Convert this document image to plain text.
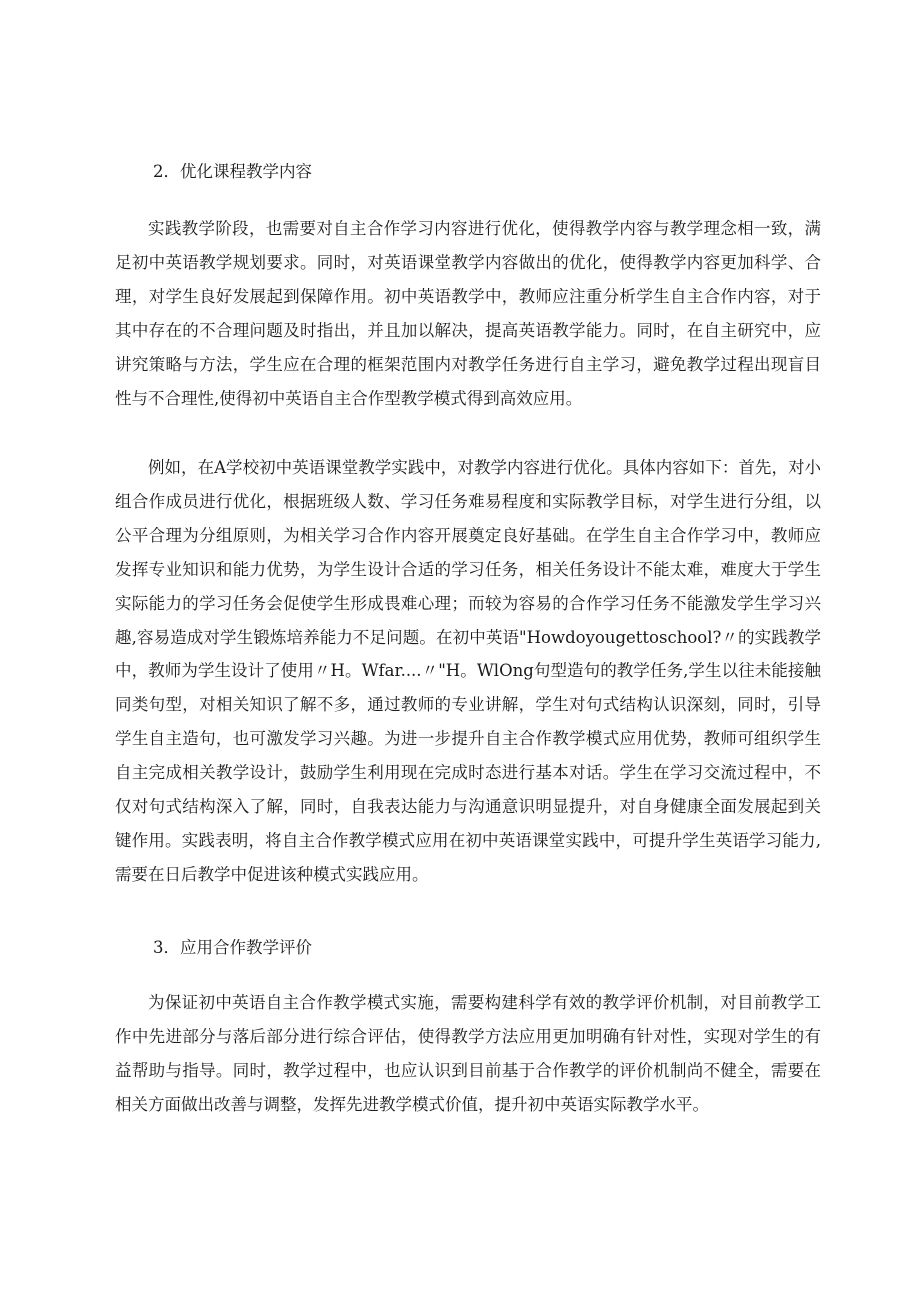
2．优化课程教学内容

实践教学阶段，也需要对自主合作学习内容进行优化，使得教学内容与教学理念相一致，满足初中英语教学规划要求。同时，对英语课堂教学内容做出的优化，使得教学内容更加科学、合理，对学生良好发展起到保障作用。初中英语教学中，教师应注重分析学生自主合作内容，对于其中存在的不合理问题及时指出，并且加以解决，提高英语教学能力。同时，在自主研究中，应讲究策略与方法，学生应在合理的框架范围内对教学任务进行自主学习，避免教学过程出现盲目性与不合理性,使得初中英语自主合作型教学模式得到高效应用。

例如，在A学校初中英语课堂教学实践中，对教学内容进行优化。具体内容如下：首先，对小组合作成员进行优化，根据班级人数、学习任务难易程度和实际教学目标，对学生进行分组，以公平合理为分组原则，为相关学习合作内容开展奠定良好基础。在学生自主合作学习中，教师应发挥专业知识和能力优势，为学生设计合适的学习任务，相关任务设计不能太难，难度大于学生实际能力的学习任务会促使学生形成畏难心理；而较为容易的合作学习任务不能激发学生学习兴趣,容易造成对学生锻炼培养能力不足问题。在初中英语"Howdoyougettoschool?〃的实践教学中，教师为学生设计了使用〃H。Wfar....〃"H。WlOng句型造句的教学任务,学生以往未能接触同类句型，对相关知识了解不多，通过教师的专业讲解，学生对句式结构认识深刻，同时，引导学生自主造句，也可激发学习兴趣。为进一步提升自主合作教学模式应用优势，教师可组织学生自主完成相关教学设计，鼓励学生利用现在完成时态进行基本对话。学生在学习交流过程中，不仅对句式结构深入了解，同时，自我表达能力与沟通意识明显提升，对自身健康全面发展起到关键作用。实践表明，将自主合作教学模式应用在初中英语课堂实践中，可提升学生英语学习能力,需要在日后教学中促进该种模式实践应用。

3．应用合作教学评价

为保证初中英语自主合作教学模式实施，需要构建科学有效的教学评价机制，对目前教学工作中先进部分与落后部分进行综合评估，使得教学方法应用更加明确有针对性，实现对学生的有益帮助与指导。同时，教学过程中，也应认识到目前基于合作教学的评价机制尚不健全，需要在相关方面做出改善与调整，发挥先进教学模式价值，提升初中英语实际教学水平。
